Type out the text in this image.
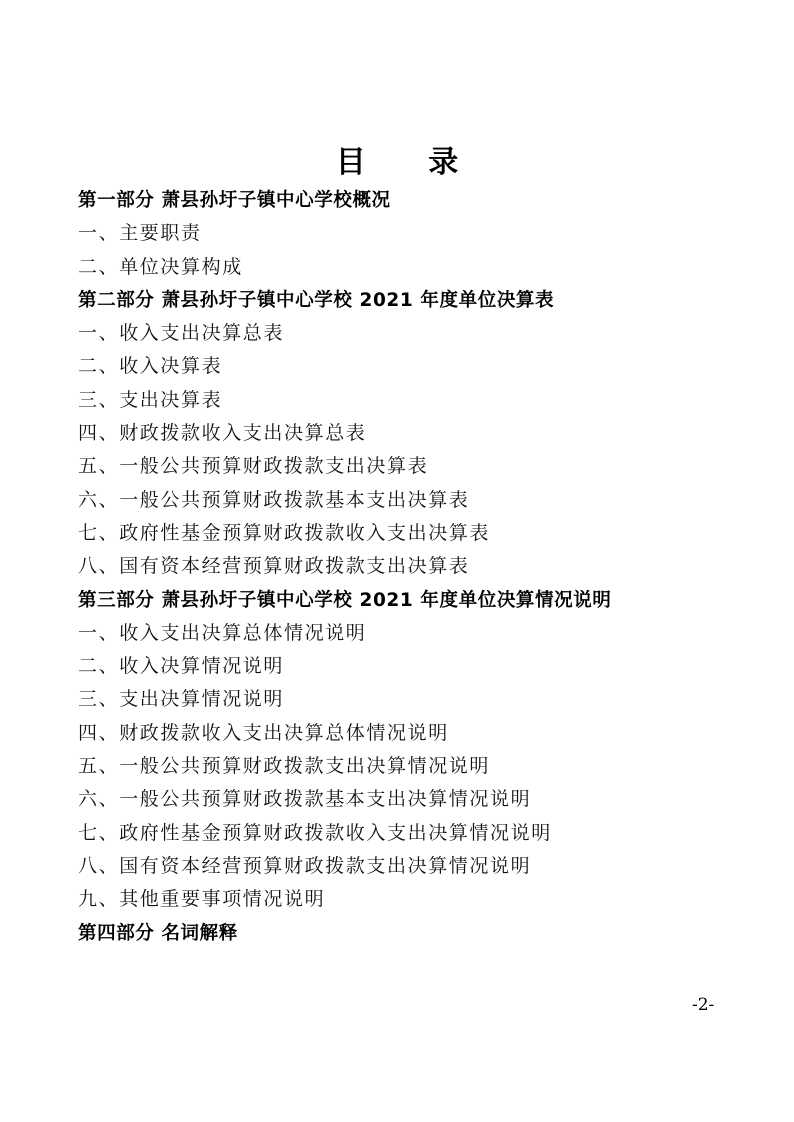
目 录
第一部分 萧县孙圩子镇中心学校概况
一、主要职责
二、单位决算构成
第二部分 萧县孙圩子镇中心学校 2021 年度单位决算表
一、收入支出决算总表
二、收入决算表
三、支出决算表
四、财政拨款收入支出决算总表
五、一般公共预算财政拨款支出决算表
六、一般公共预算财政拨款基本支出决算表
七、政府性基金预算财政拨款收入支出决算表
八、国有资本经营预算财政拨款支出决算表
第三部分 萧县孙圩子镇中心学校 2021 年度单位决算情况说明
一、收入支出决算总体情况说明
二、收入决算情况说明
三、支出决算情况说明
四、财政拨款收入支出决算总体情况说明
五、一般公共预算财政拨款支出决算情况说明
六、一般公共预算财政拨款基本支出决算情况说明
七、政府性基金预算财政拨款收入支出决算情况说明
八、国有资本经营预算财政拨款支出决算情况说明
九、其他重要事项情况说明
第四部分 名词解释
-2-
